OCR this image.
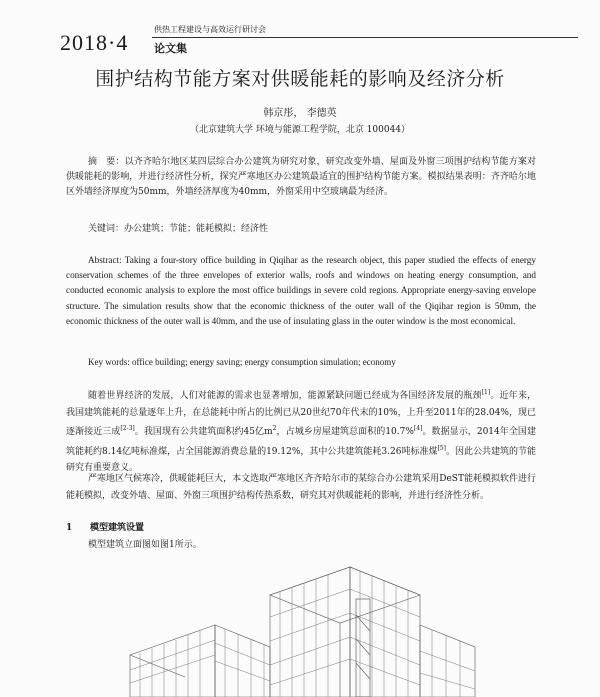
2018·4
供热工程建设与高效运行研讨会
论文集
围护结构节能方案对供暖能耗的影响及经济分析
韩京彤， 李德英
（北京建筑大学 环境与能源工程学院，北京 100044）
摘　要：以齐齐哈尔地区某四层综合办公建筑为研究对象，研究改变外墙、屋面及外窗三项围护结构节能方案对供暖能耗的影响，并进行经济性分析，探究严寒地区办公建筑最适宜的围护结构节能方案。模拟结果表明：齐齐哈尔地区外墙经济厚度为50mm，外墙经济厚度为40mm，外窗采用中空玻璃最为经济。
关键词：办公建筑；节能；能耗模拟；经济性
Abstract: Taking a four-story office building in Qiqihar as the research object, this paper studied the effects of energy conservation schemes of the three envelopes of exterior walls, roofs and windows on heating energy consumption, and conducted economic analysis to explore the most office buildings in severe cold regions. Appropriate energy-saving envelope structure. The simulation results show that the economic thickness of the outer wall of the Qiqihar region is 50mm, the economic thickness of the outer wall is 40mm, and the use of insulating glass in the outer window is the most economical.
Key words: office building; energy saving; energy consumption simulation; economy
随着世界经济的发展，人们对能源的需求也显著增加，能源紧缺问题已经成为各国经济发展的瓶颈[1]。近年来，我国建筑能耗的总量逐年上升，在总能耗中所占的比例已从20世纪70年代末的10%，上升至2011年的28.04%，现已逐渐接近三成[2-3]。我国现有公共建筑面积约45亿$m^2$，占城乡房屋建筑总面积的10.7%[4]。数据显示，2014年全国建筑能耗约8.14亿吨标准煤，占全国能源消费总量的19.12%，其中公共建筑能耗3.26吨标准煤[5]。因此公共建筑的节能研究有重要意义。
严寒地区气候寒冷，供暖能耗巨大，本文选取严寒地区齐齐哈尔市的某综合办公建筑采用DeST能耗模拟软件进行能耗模拟，改变外墙、屋面、外窗三项围护结构传热系数，研究其对供暖能耗的影响，并进行经济性分析。
1 模型建筑设置
模型建筑立面图如图1所示。
